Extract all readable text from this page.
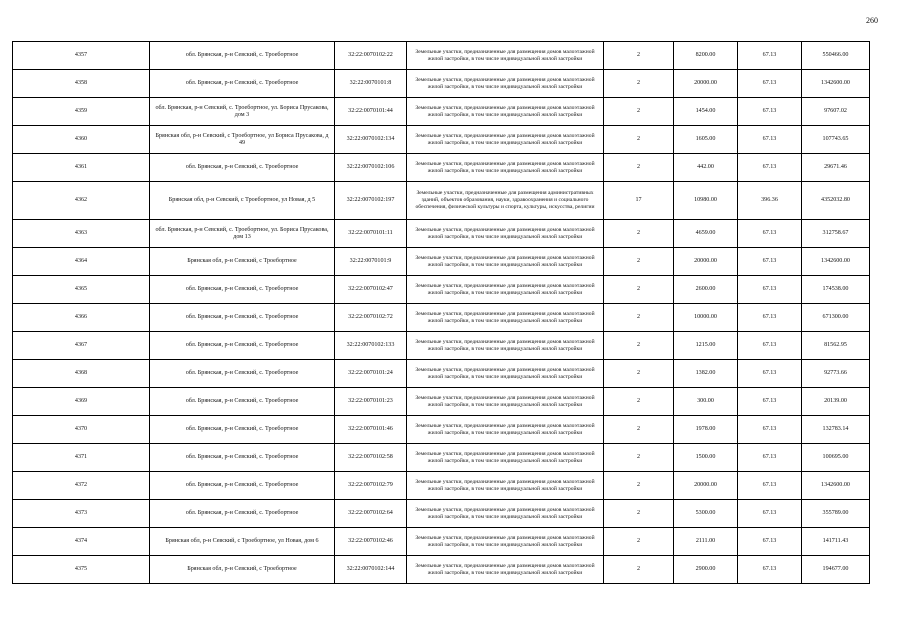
260
4357	обл. Брянская, р-н Севский, с. Троебортное	32:22:0070102:22	Земельные участки, предназначенные для размещения домов малоэтажной жилой застройки, в том числе индивидуальной жилой застройки	2	8200.00	67.13	550466.00
4358	обл. Брянская, р-н Севский, с. Троебортное	32:22:0070101:8	Земельные участки, предназначенные для размещения домов малоэтажной жилой застройки, в том числе индивидуальной жилой застройки	2	20000.00	67.13	1342600.00
4359	обл. Брянская, р-н Севский, с. Троебортное, ул. Бориса Прусакова, дом 3	32:22:0070101:44	Земельные участки, предназначенные для размещения домов малоэтажной жилой застройки, в том числе индивидуальной жилой застройки	2	1454.00	67.13	97607.02
4360	Брянская обл, р-н Севский, с Троебортное, ул Бориса Прусакова, д 49	32:22:0070102:134	Земельные участки, предназначенные для размещения домов малоэтажной жилой застройки, в том числе индивидуальной жилой застройки	2	1605.00	67.13	107743.65
4361	обл. Брянская, р-н Севский, с. Троебортное	32:22:0070102:106	Земельные участки, предназначенные для размещения домов малоэтажной жилой застройки, в том числе индивидуальной жилой застройки	2	442.00	67.13	29671.46
4362	Брянская обл, р-н Севский, с Троебортное, ул Новая, д 5	32:22:0070102:197	Земельные участки, предназначенные для размещения административных зданий, объектов образования, науки, здравоохранения и социального обеспечения, физической культуры и спорта, культуры, искусства, религии	17	10980.00	396.36	4352032.80
4363	обл. Брянская, р-н Севский, с. Троебортное, ул. Бориса Прусакова, дом 13	32:22:0070101:11	Земельные участки, предназначенные для размещения домов малоэтажной жилой застройки, в том числе индивидуальной жилой застройки	2	4659.00	67.13	312758.67
4364	Брянская обл, р-н Севский, с Троебортное	32:22:0070101:9	Земельные участки, предназначенные для размещения домов малоэтажной жилой застройки, в том числе индивидуальной жилой застройки	2	20000.00	67.13	1342600.00
4365	обл. Брянская, р-н Севский, с. Троебортное	32:22:0070102:47	Земельные участки, предназначенные для размещения домов малоэтажной жилой застройки, в том числе индивидуальной жилой застройки	2	2600.00	67.13	174538.00
4366	обл. Брянская, р-н Севский, с. Троебортное	32:22:0070102:72	Земельные участки, предназначенные для размещения домов малоэтажной жилой застройки, в том числе индивидуальной жилой застройки	2	10000.00	67.13	671300.00
4367	обл. Брянская, р-н Севский, с. Троебортное	32:22:0070102:133	Земельные участки, предназначенные для размещения домов малоэтажной жилой застройки, в том числе индивидуальной жилой застройки	2	1215.00	67.13	81562.95
4368	обл. Брянская, р-н Севский, с. Троебортное	32:22:0070101:24	Земельные участки, предназначенные для размещения домов малоэтажной жилой застройки, в том числе индивидуальной жилой застройки	2	1382.00	67.13	92773.66
4369	обл. Брянская, р-н Севский, с. Троебортное	32:22:0070101:23	Земельные участки, предназначенные для размещения домов малоэтажной жилой застройки, в том числе индивидуальной жилой застройки	2	300.00	67.13	20139.00
4370	обл. Брянская, р-н Севский, с. Троебортное	32:22:0070101:46	Земельные участки, предназначенные для размещения домов малоэтажной жилой застройки, в том числе индивидуальной жилой застройки	2	1978.00	67.13	132783.14
4371	обл. Брянская, р-н Севский, с. Троебортное	32:22:0070102:58	Земельные участки, предназначенные для размещения домов малоэтажной жилой застройки, в том числе индивидуальной жилой застройки	2	1500.00	67.13	100695.00
4372	обл. Брянская, р-н Севский, с. Троебортное	32:22:0070102:79	Земельные участки, предназначенные для размещения домов малоэтажной жилой застройки, в том числе индивидуальной жилой застройки	2	20000.00	67.13	1342600.00
4373	обл. Брянская, р-н Севский, с. Троебортное	32:22:0070102:64	Земельные участки, предназначенные для размещения домов малоэтажной жилой застройки, в том числе индивидуальной жилой застройки	2	5300.00	67.13	355789.00
4374	Брянская обл, р-н Севский, с Троебортное, ул Новая, дом 6	32:22:0070102:46	Земельные участки, предназначенные для размещения домов малоэтажной жилой застройки, в том числе индивидуальной жилой застройки	2	2111.00	67.13	141711.43
4375	Брянская обл, р-н Севский, с Троебортное	32:22:0070102:144	Земельные участки, предназначенные для размещения домов малоэтажной жилой застройки, в том числе индивидуальной жилой застройки	2	2900.00	67.13	194677.00
